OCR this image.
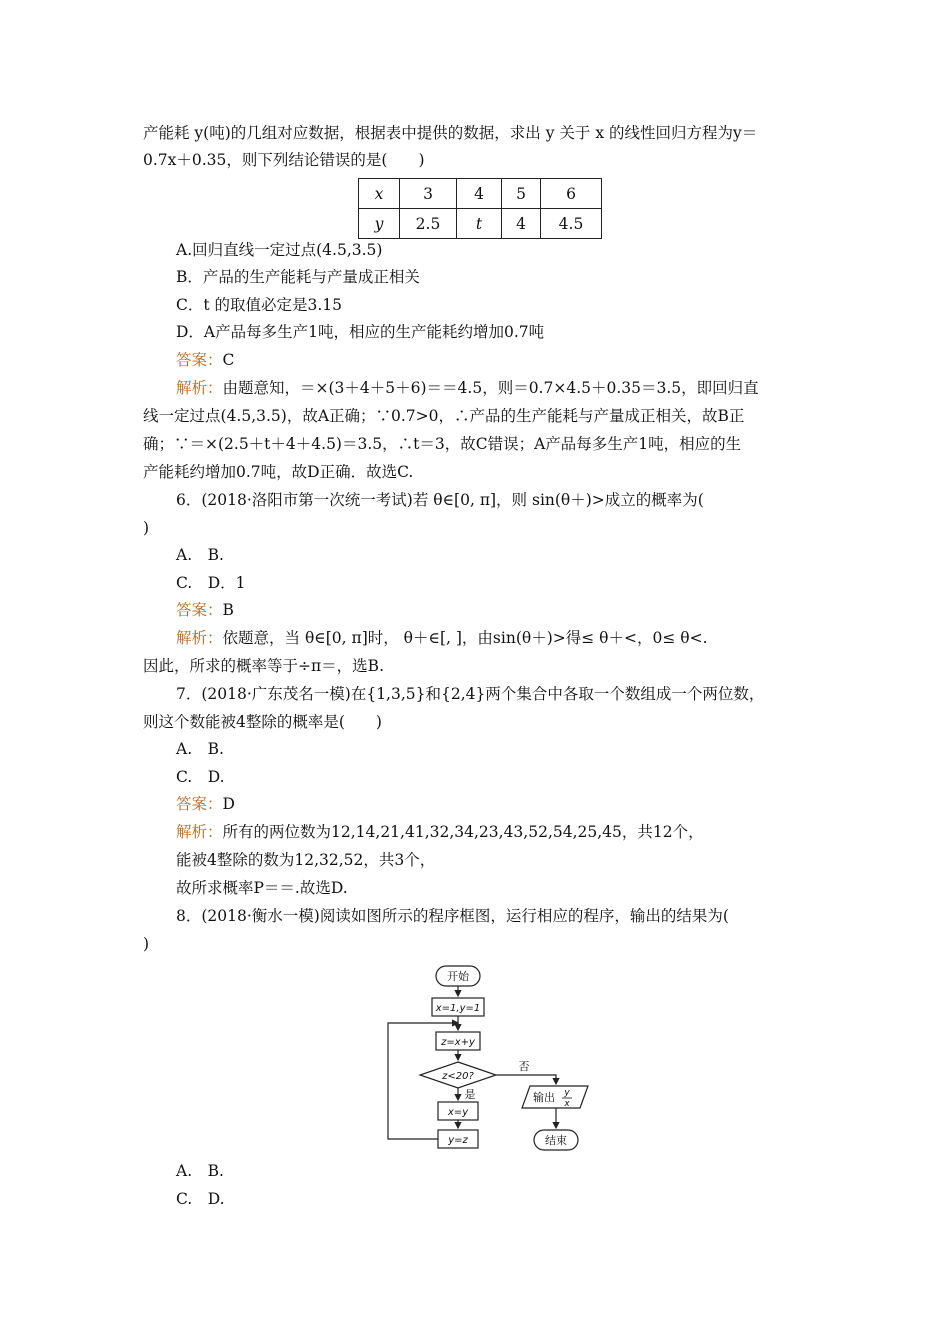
产能耗 y(吨)的几组对应数据，根据表中提供的数据，求出 y 关于 x 的线性回归方程为y＝
0.7x＋0.35，则下列结论错误的是(　　)
x	3	4	5	6
y	2.5	t	4	4.5
A.回归直线一定过点(4.5,3.5)
B．产品的生产能耗与产量成正相关
C．t 的取值必定是3.15
D．A产品每多生产1吨，相应的生产能耗约增加0.7吨
答案：C
解析：由题意知，＝×(3＋4＋5＋6)＝＝4.5，则＝0.7×4.5＋0.35＝3.5，即回归直
线一定过点(4.5,3.5)，故A正确；∵0.7>0，∴产品的生产能耗与产量成正相关，故B正
确；∵＝×(2.5＋t＋4＋4.5)＝3.5，∴t＝3，故C错误；A产品每多生产1吨，相应的生
产能耗约增加0.7吨，故D正确．故选C.
6．(2018·洛阳市第一次统一考试)若 θ∈[0, π]，则 sin(θ＋)>成立的概率为(
)
A.　B.
C.　D．1
答案：B
解析：依题意，当 θ∈[0, π]时， θ＋∈[, ]，由sin(θ＋)>得≤ θ＋<，0≤ θ<.
因此，所求的概率等于÷π＝，选B.
7．(2018·广东茂名一模)在{1,3,5}和{2,4}两个集合中各取一个数组成一个两位数，
则这个数能被4整除的概率是(　　)
A.　B.
C.　D.
答案：D
解析：所有的两位数为12,14,21,41,32,34,23,43,52,54,25,45，共12个，
能被4整除的数为12,32,52，共3个，
故所求概率P＝＝.故选D.
8．(2018·衡水一模)阅读如图所示的程序框图，运行相应的程序，输出的结果为(
)
开始
x=1,y=1
z=x+y
z<20?
否
是	输出 y
x
x=y
y=z	结束
A.　B.
C.　D.
